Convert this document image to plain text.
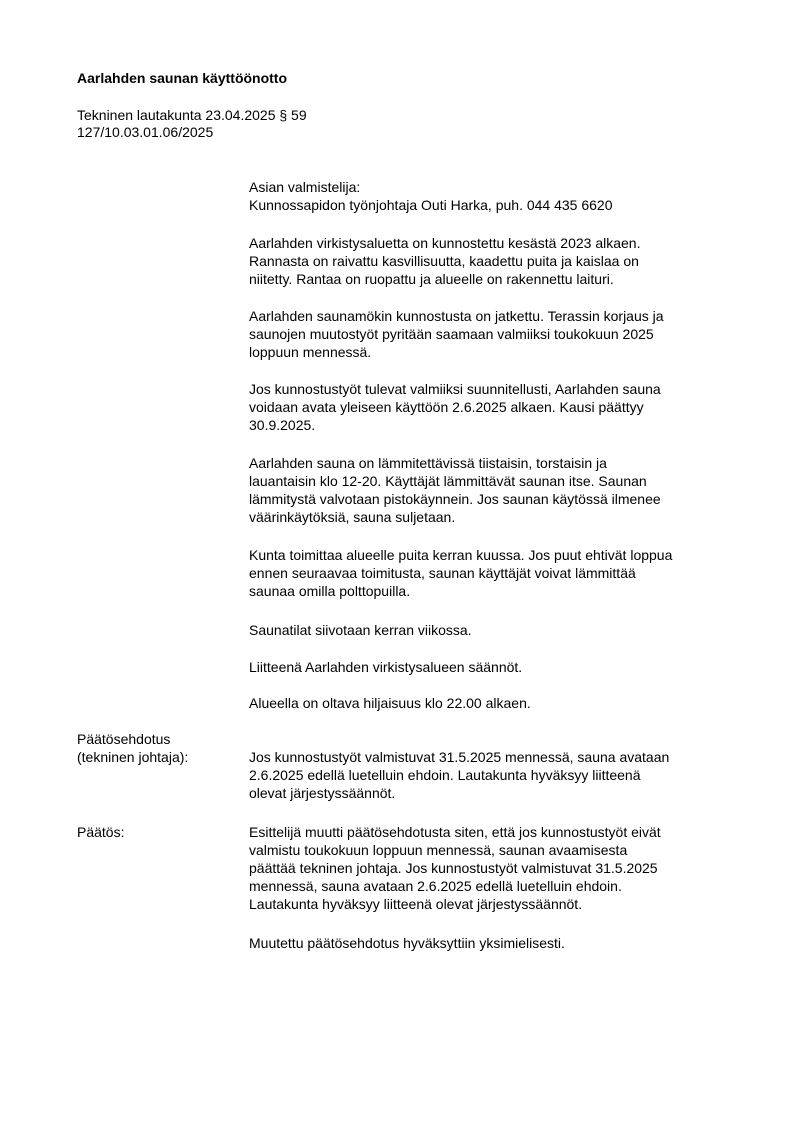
Aarlahden saunan käyttöönotto
Tekninen lautakunta 23.04.2025 § 59
127/10.03.01.06/2025
Asian valmistelija:
Kunnossapidon työnjohtaja Outi Harka, puh. 044 435 6620
Aarlahden virkistysaluetta on kunnostettu kesästä 2023 alkaen.
Rannasta on raivattu kasvillisuutta, kaadettu puita ja kaislaa on
niitetty. Rantaa on ruopattu ja alueelle on rakennettu laituri.
Aarlahden saunamökin kunnostusta on jatkettu. Terassin korjaus ja
saunojen muutostyöt pyritään saamaan valmiiksi toukokuun 2025
loppuun mennessä.
Jos kunnostustyöt tulevat valmiiksi suunnitellusti, Aarlahden sauna
voidaan avata yleiseen käyttöön 2.6.2025 alkaen. Kausi päättyy
30.9.2025.
Aarlahden sauna on lämmitettävissä tiistaisin, torstaisin ja
lauantaisin klo 12-20. Käyttäjät lämmittävät saunan itse. Saunan
lämmitystä valvotaan pistokäynnein. Jos saunan käytössä ilmenee
väärinkäytöksiä, sauna suljetaan.
Kunta toimittaa alueelle puita kerran kuussa. Jos puut ehtivät loppua
ennen seuraavaa toimitusta, saunan käyttäjät voivat lämmittää
saunaa omilla polttopuilla.
Saunatilat siivotaan kerran viikossa.
Liitteenä Aarlahden virkistysalueen säännöt.
Alueella on oltava hiljaisuus klo 22.00 alkaen.
Päätösehdotus
(tekninen johtaja):	Jos kunnostustyöt valmistuvat 31.5.2025 mennessä, sauna avataan
2.6.2025 edellä luetelluin ehdoin. Lautakunta hyväksyy liitteenä
olevat järjestyssäännöt.
Päätös:	Esittelijä muutti päätösehdotusta siten, että jos kunnostustyöt eivät
valmistu toukokuun loppuun mennessä, saunan avaamisesta
päättää tekninen johtaja. Jos kunnostustyöt valmistuvat 31.5.2025
mennessä, sauna avataan 2.6.2025 edellä luetelluin ehdoin.
Lautakunta hyväksyy liitteenä olevat järjestyssäännöt.
Muutettu päätösehdotus hyväksyttiin yksimielisesti.
